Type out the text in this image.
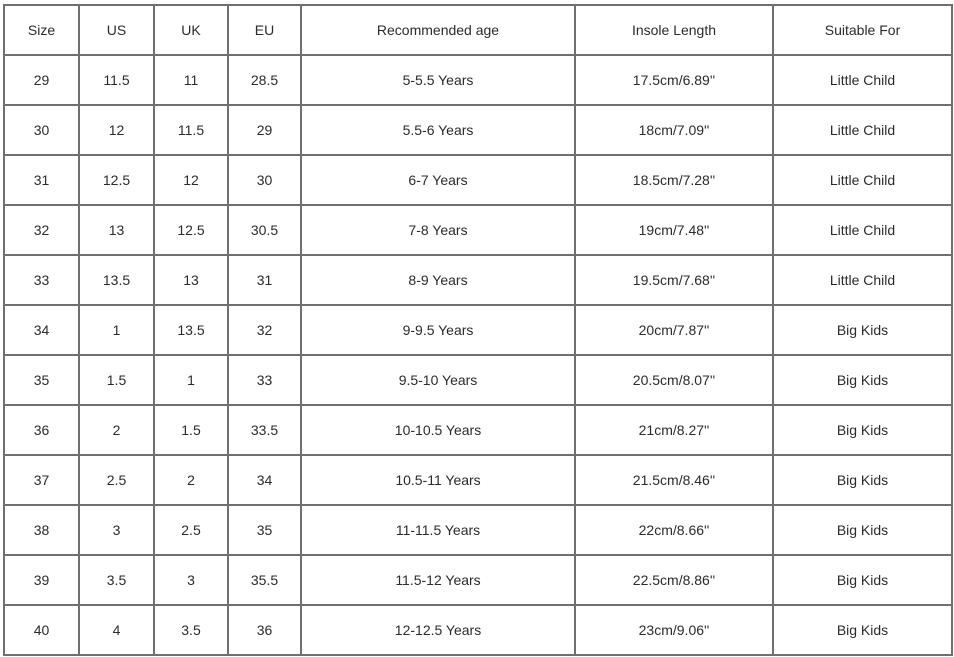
Size	US	UK	EU	Recommended age	Insole Length	Suitable For
29	11.5	11	28.5	5-5.5 Years	17.5cm/6.89''	Little Child
30	12	11.5	29	5.5-6 Years	18cm/7.09''	Little Child
31	12.5	12	30	6-7 Years	18.5cm/7.28''	Little Child
32	13	12.5	30.5	7-8 Years	19cm/7.48''	Little Child
33	13.5	13	31	8-9 Years	19.5cm/7.68''	Little Child
34	1	13.5	32	9-9.5 Years	20cm/7.87''	Big Kids
35	1.5	1	33	9.5-10 Years	20.5cm/8.07''	Big Kids
36	2	1.5	33.5	10-10.5 Years	21cm/8.27''	Big Kids
37	2.5	2	34	10.5-11 Years	21.5cm/8.46''	Big Kids
38	3	2.5	35	11-11.5 Years	22cm/8.66''	Big Kids
39	3.5	3	35.5	11.5-12 Years	22.5cm/8.86''	Big Kids
40	4	3.5	36	12-12.5 Years	23cm/9.06''	Big Kids
